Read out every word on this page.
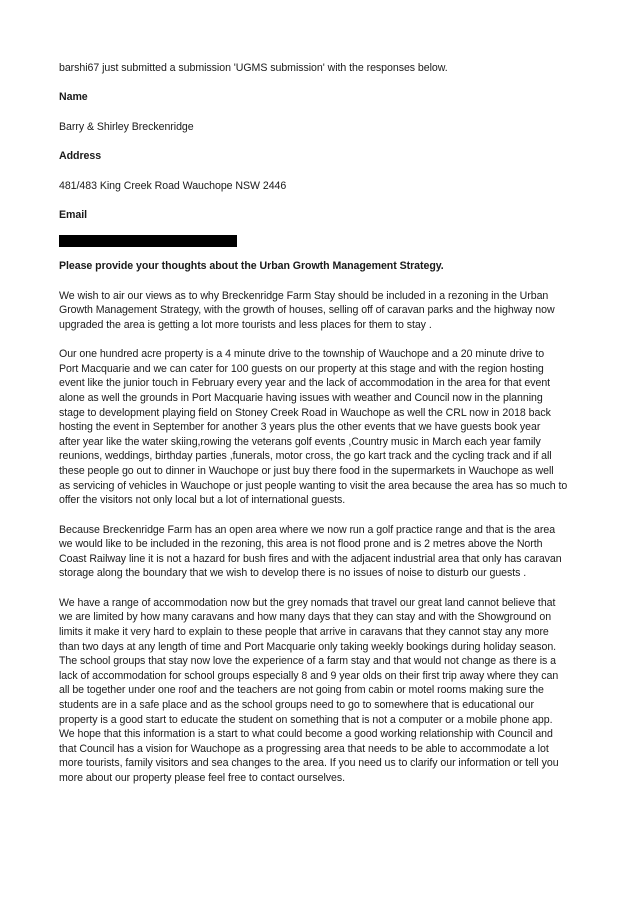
barshi67 just submitted a submission 'UGMS submission' with the responses below.

Name

Barry & Shirley Breckenridge

Address

481/483 King Creek Road Wauchope NSW 2446

Email

Please provide your thoughts about the Urban Growth Management Strategy.

We wish to air our views as to why Breckenridge Farm Stay should be included in a rezoning in the Urban

Growth Management Strategy, with the growth of houses, selling off of caravan parks and the highway now

upgraded the area is getting a lot more tourists and less places for them to stay .

Our one hundred acre property is a 4 minute drive to the township of Wauchope and a 20 minute drive to

Port Macquarie and we can cater for 100 guests on our property at this stage and with the region hosting

event like the junior touch in February every year and the lack of accommodation in the area for that event

alone as well the grounds in Port Macquarie having issues with weather and Council now in the planning

stage to development playing field on Stoney Creek Road in Wauchope as well the CRL now in 2018 back

hosting the event in September for another 3 years plus the other events that we have guests book year

after year like the water skiing,rowing the veterans golf events ,Country music in March each year family

reunions, weddings, birthday parties ,funerals, motor cross, the go kart track and the cycling track and if all

these people go out to dinner in Wauchope or just buy there food in the supermarkets in Wauchope as well

as servicing of vehicles in Wauchope or just people wanting to visit the area because the area has so much to

offer the visitors not only local but a lot of international guests.

Because Breckenridge Farm has an open area where we now run a golf practice range and that is the area

we would like to be included in the rezoning, this area is not flood prone and is 2 metres above the North

Coast Railway line it is not a hazard for bush fires and with the adjacent industrial area that only has caravan

storage along the boundary that we wish to develop there is no issues of noise to disturb our guests .

We have a range of accommodation now but the grey nomads that travel our great land cannot believe that

we are limited by how many caravans and how many days that they can stay and with the Showground on

limits it make it very hard to explain to these people that arrive in caravans that they cannot stay any more

than two days at any length of time and Port Macquarie only taking weekly bookings during holiday season.

The school groups that stay now love the experience of a farm stay and that would not change as there is a

lack of accommodation for school groups especially 8 and 9 year olds on their first trip away where they can

all be together under one roof and the teachers are not going from cabin or motel rooms making sure the

students are in a safe place and as the school groups need to go to somewhere that is educational our

property is a good start to educate the student on something that is not a computer or a mobile phone app.

We hope that this information is a start to what could become a good working relationship with Council and

that Council has a vision for Wauchope as a progressing area that needs to be able to accommodate a lot

more tourists, family visitors and sea changes to the area. If you need us to clarify our information or tell you

more about our property please feel free to contact ourselves.
